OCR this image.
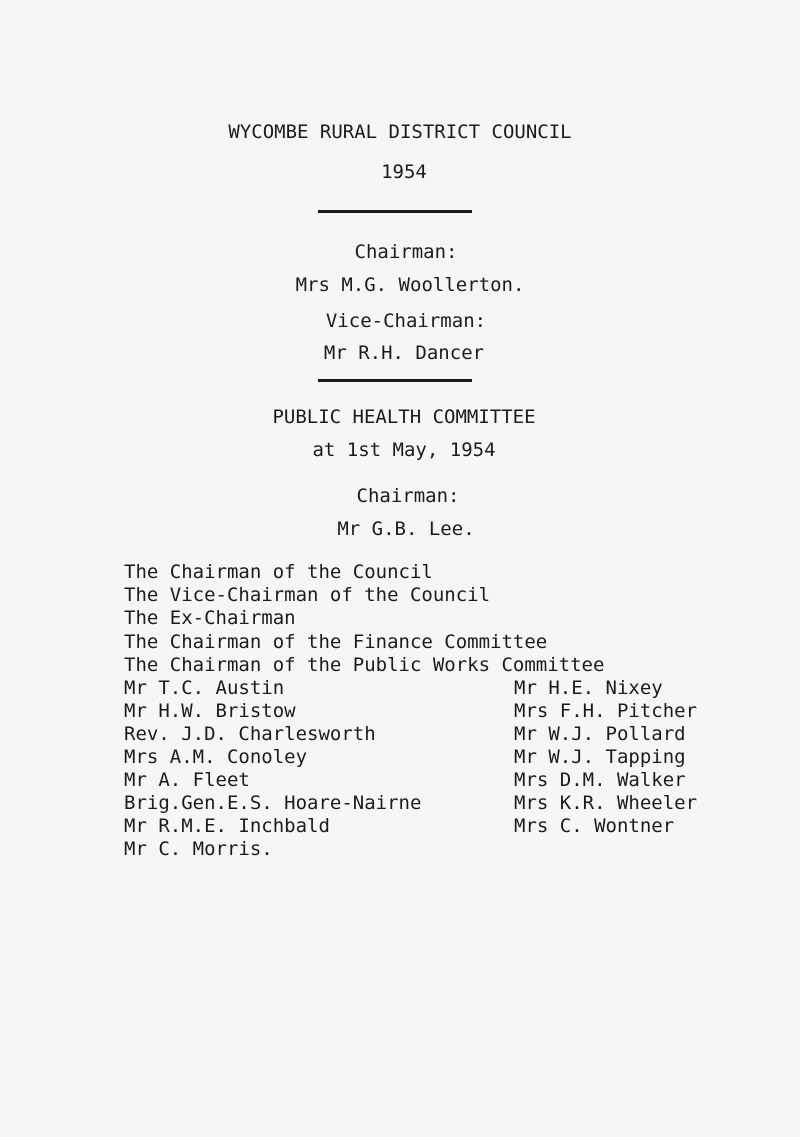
WYCOMBE RURAL DISTRICT COUNCIL
1954
Chairman:
Mrs M.G. Woollerton.
Vice-Chairman:
Mr R.H. Dancer
PUBLIC HEALTH COMMITTEE
at 1st May, 1954
Chairman:
Mr G.B. Lee.
The Chairman of the Council
The Vice-Chairman of the Council
The Ex-Chairman
The Chairman of the Finance Committee
The Chairman of the Public Works Committee
Mr T.C. Austin
Mr H.W. Bristow
Rev. J.D. Charlesworth
Mrs A.M. Conoley
Mr A. Fleet
Brig.Gen.E.S. Hoare-Nairne
Mr R.M.E. Inchbald
Mr C. Morris.
Mr H.E. Nixey
Mrs F.H. Pitcher
Mr W.J. Pollard
Mr W.J. Tapping
Mrs D.M. Walker
Mrs K.R. Wheeler
Mrs C. Wontner
